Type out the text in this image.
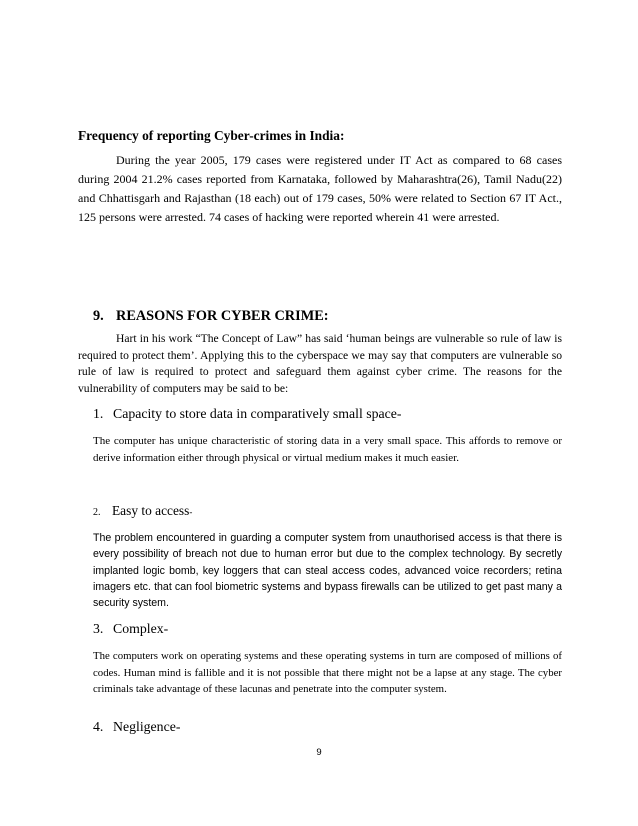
Frequency of reporting Cyber-crimes in India:
During the year 2005, 179 cases were registered under IT Act as compared to 68 cases during 2004 21.2% cases reported from Karnataka, followed by Maharashtra(26), Tamil Nadu(22) and Chhattisgarh and Rajasthan (18 each) out of 179 cases, 50% were related to Section 67 IT Act., 125 persons were arrested. 74 cases of hacking were reported wherein 41 were arrested.
9. REASONS FOR CYBER CRIME:
Hart in his work “The Concept of Law” has said ‘human beings are vulnerable so rule of law is required to protect them’. Applying this to the cyberspace we may say that computers are vulnerable so rule of law is required to protect and safeguard them against cyber crime. The reasons for the vulnerability of computers may be said to be:
1. Capacity to store data in comparatively small space-
The computer has unique characteristic of storing data in a very small space. This affords to remove or derive information either through physical or virtual medium makes it much easier.
2. Easy to access-
The problem encountered in guarding a computer system from unauthorised access is that there is every possibility of breach not due to human error but due to the complex technology. By secretly implanted logic bomb, key loggers that can steal access codes, advanced voice recorders; retina imagers etc. that can fool biometric systems and bypass firewalls can be utilized to get past many a security system.
3. Complex-
The computers work on operating systems and these operating systems in turn are composed of millions of codes. Human mind is fallible and it is not possible that there might not be a lapse at any stage. The cyber criminals take advantage of these lacunas and penetrate into the computer system.
4. Negligence-
9
